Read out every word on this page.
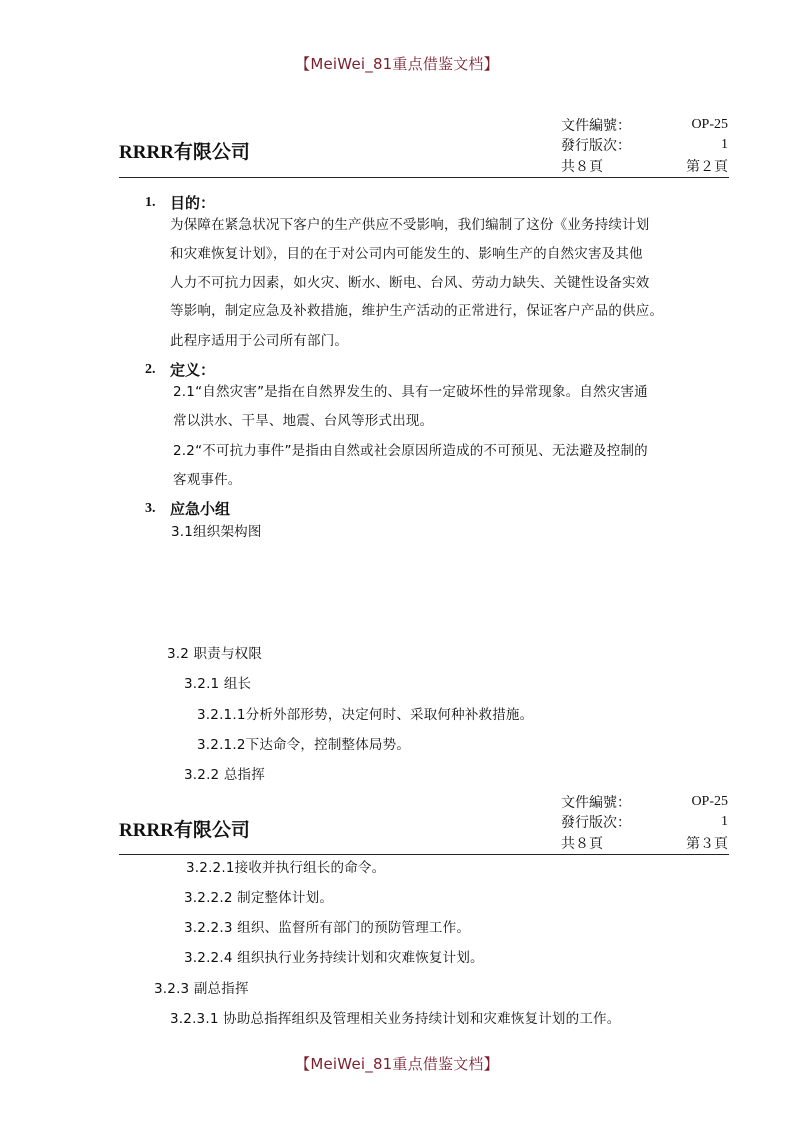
【MeiWei_81重点借鉴文档】
RRRR有限公司
文件編號：	OP-25
發行版次：	1
共８頁	第２頁
1. 目的：
为保障在紧急状况下客户的生产供应不受影响，我们编制了这份《业务持续计划
和灾难恢复计划》，目的在于对公司内可能发生的、影响生产的自然灾害及其他
人力不可抗力因素，如火灾、断水、断电、台风、劳动力缺失、关键性设备实效
等影响，制定应急及补救措施，维护生产活动的正常进行，保证客户产品的供应。
此程序适用于公司所有部门。
2. 定义：
2.1“自然灾害”是指在自然界发生的、具有一定破坏性的异常现象。自然灾害通
常以洪水、干旱、地震、台风等形式出现。
2.2“不可抗力事件”是指由自然或社会原因所造成的不可预见、无法避及控制的
客观事件。
3. 应急小组
3.1组织架构图
3.2 职责与权限
3.2.1 组长
3.2.1.1分析外部形势，决定何时、采取何种补救措施。
3.2.1.2下达命令，控制整体局势。
3.2.2 总指挥
RRRR有限公司
文件編號：	OP-25
發行版次：	1
共８頁	第３頁
3.2.2.1接收并执行组长的命令。
3.2.2.2 制定整体计划。
3.2.2.3 组织、监督所有部门的预防管理工作。
3.2.2.4 组织执行业务持续计划和灾难恢复计划。
3.2.3 副总指挥
3.2.3.1 协助总指挥组织及管理相关业务持续计划和灾难恢复计划的工作。
【MeiWei_81重点借鉴文档】
